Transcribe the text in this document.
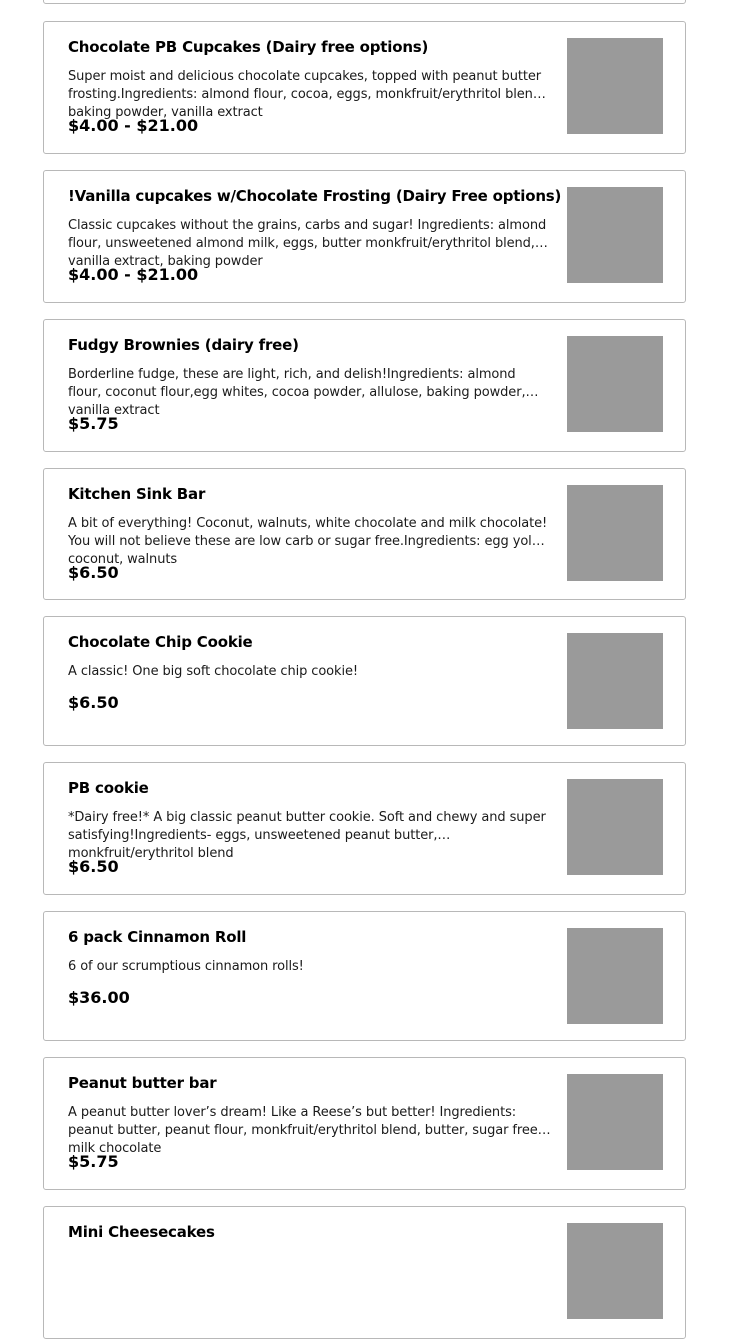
Chocolate PB Cupcakes (Dairy free options)
Super moist and delicious chocolate cupcakes, topped with peanut butter frosting.Ingredients: almond flour, cocoa, eggs, monkfruit/erythritol blend, baking powder, vanilla extract
$4.00 - $21.00
!Vanilla cupcakes w/Chocolate Frosting (Dairy Free options)
Classic cupcakes without the grains, carbs and sugar! Ingredients: almond flour, unsweetened almond milk, eggs, butter monkfruit/erythritol blend, vanilla extract, baking powder
$4.00 - $21.00
Fudgy Brownies (dairy free)
Borderline fudge, these are light, rich, and delish!Ingredients: almond flour, coconut flour,egg whites, cocoa powder, allulose, baking powder, vanilla extract
$5.75
Kitchen Sink Bar
A bit of everything! Coconut, walnuts, white chocolate and milk chocolate! You will not believe these are low carb or sugar free.Ingredients: egg yolks, coconut, walnuts
$6.50
Chocolate Chip Cookie
A classic! One big soft chocolate chip cookie!
$6.50
PB cookie
*Dairy free!* A big classic peanut butter cookie. Soft and chewy and super satisfying!Ingredients- eggs, unsweetened peanut butter, monkfruit/erythritol blend
$6.50
6 pack Cinnamon Roll
6 of our scrumptious cinnamon rolls!
$36.00
Peanut butter bar
A peanut butter lover’s dream! Like a Reese’s but better! Ingredients: peanut butter, peanut flour, monkfruit/erythritol blend, butter, sugar free milk chocolate
$5.75
Mini Cheesecakes
